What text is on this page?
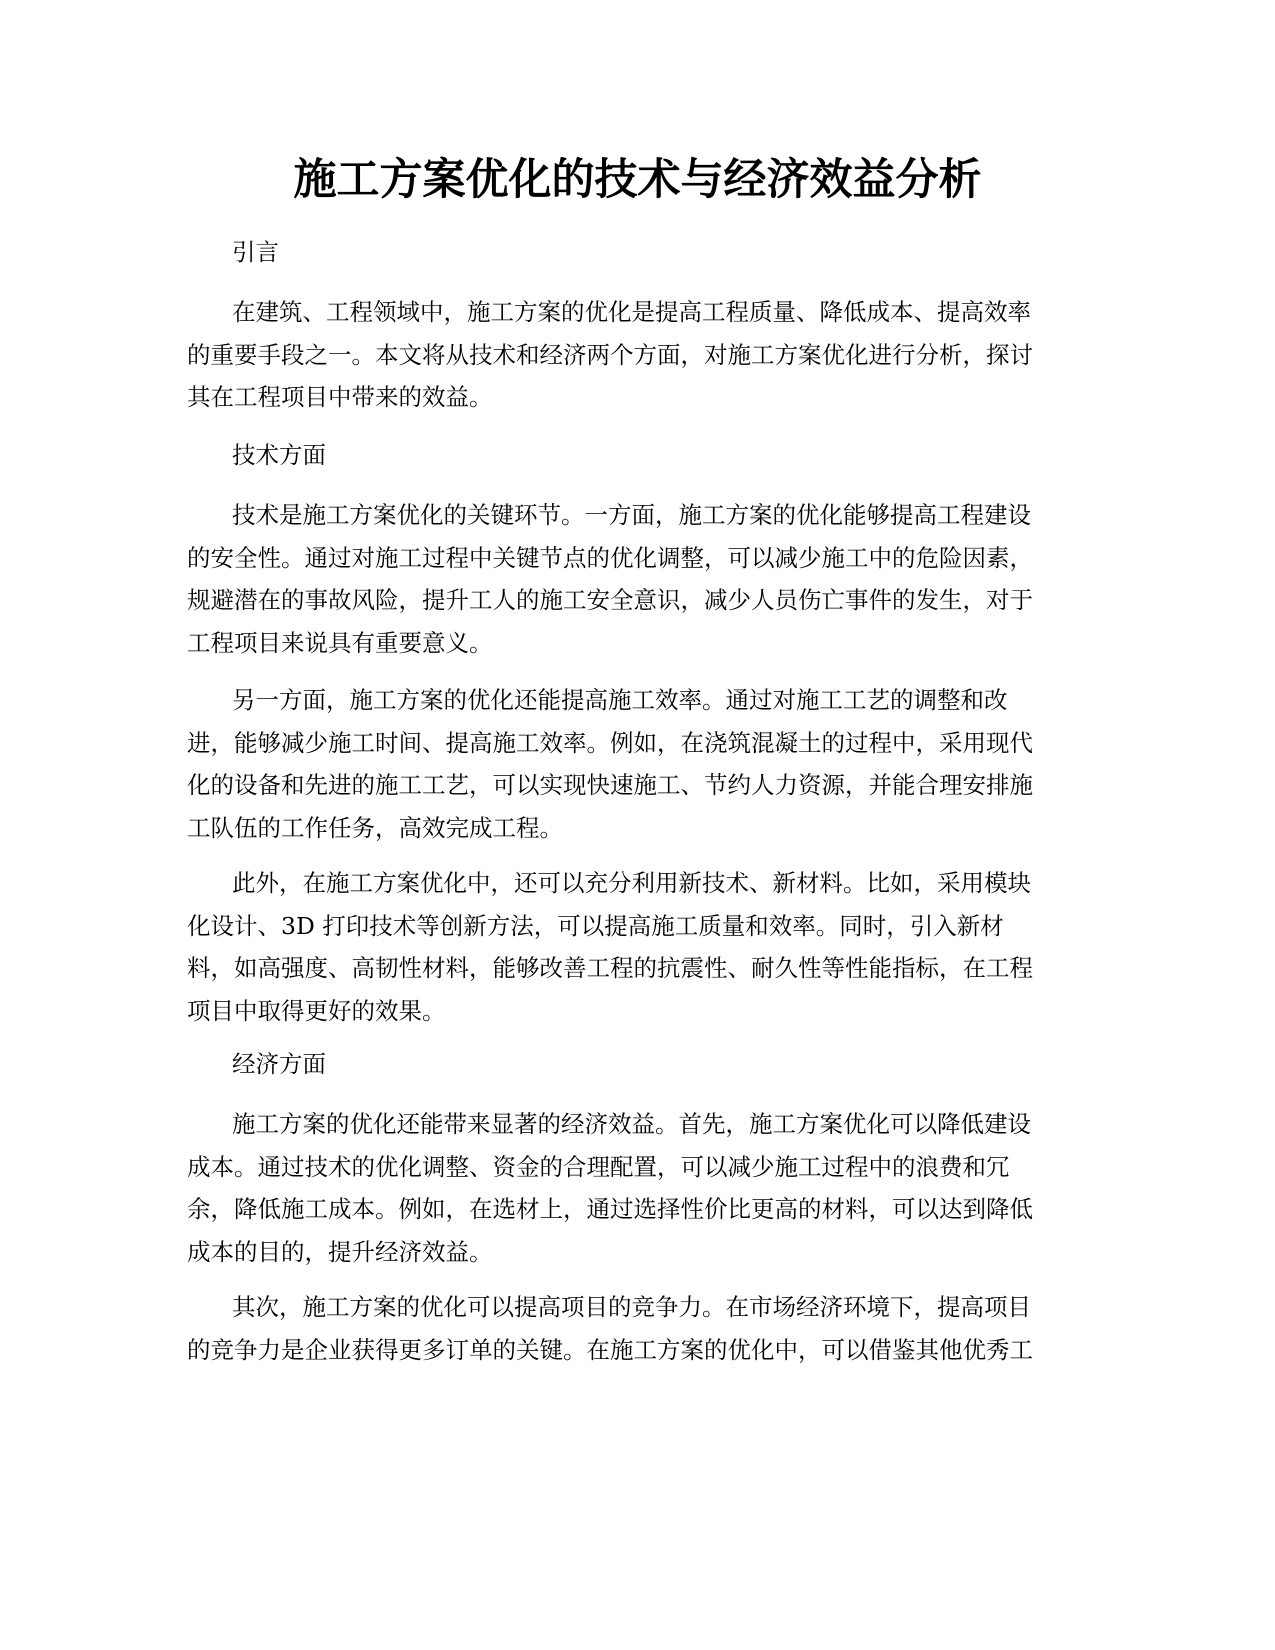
施工方案优化的技术与经济效益分析

引言

在建筑、工程领域中，施工方案的优化是提高工程质量、降低成本、提高效率
的重要手段之一。本文将从技术和经济两个方面，对施工方案优化进行分析，探讨
其在工程项目中带来的效益。

技术方面

技术是施工方案优化的关键环节。一方面，施工方案的优化能够提高工程建设
的安全性。通过对施工过程中关键节点的优化调整，可以减少施工中的危险因素，
规避潜在的事故风险，提升工人的施工安全意识，减少人员伤亡事件的发生，对于
工程项目来说具有重要意义。
另一方面，施工方案的优化还能提高施工效率。通过对施工工艺的调整和改
进，能够减少施工时间、提高施工效率。例如，在浇筑混凝土的过程中，采用现代
化的设备和先进的施工工艺，可以实现快速施工、节约人力资源，并能合理安排施
工队伍的工作任务，高效完成工程。
此外，在施工方案优化中，还可以充分利用新技术、新材料。比如，采用模块
化设计、3D 打印技术等创新方法，可以提高施工质量和效率。同时，引入新材
料，如高强度、高韧性材料，能够改善工程的抗震性、耐久性等性能指标，在工程
项目中取得更好的效果。

经济方面

施工方案的优化还能带来显著的经济效益。首先，施工方案优化可以降低建设
成本。通过技术的优化调整、资金的合理配置，可以减少施工过程中的浪费和冗
余，降低施工成本。例如，在选材上，通过选择性价比更高的材料，可以达到降低
成本的目的，提升经济效益。
其次，施工方案的优化可以提高项目的竞争力。在市场经济环境下，提高项目
的竞争力是企业获得更多订单的关键。在施工方案的优化中，可以借鉴其他优秀工
